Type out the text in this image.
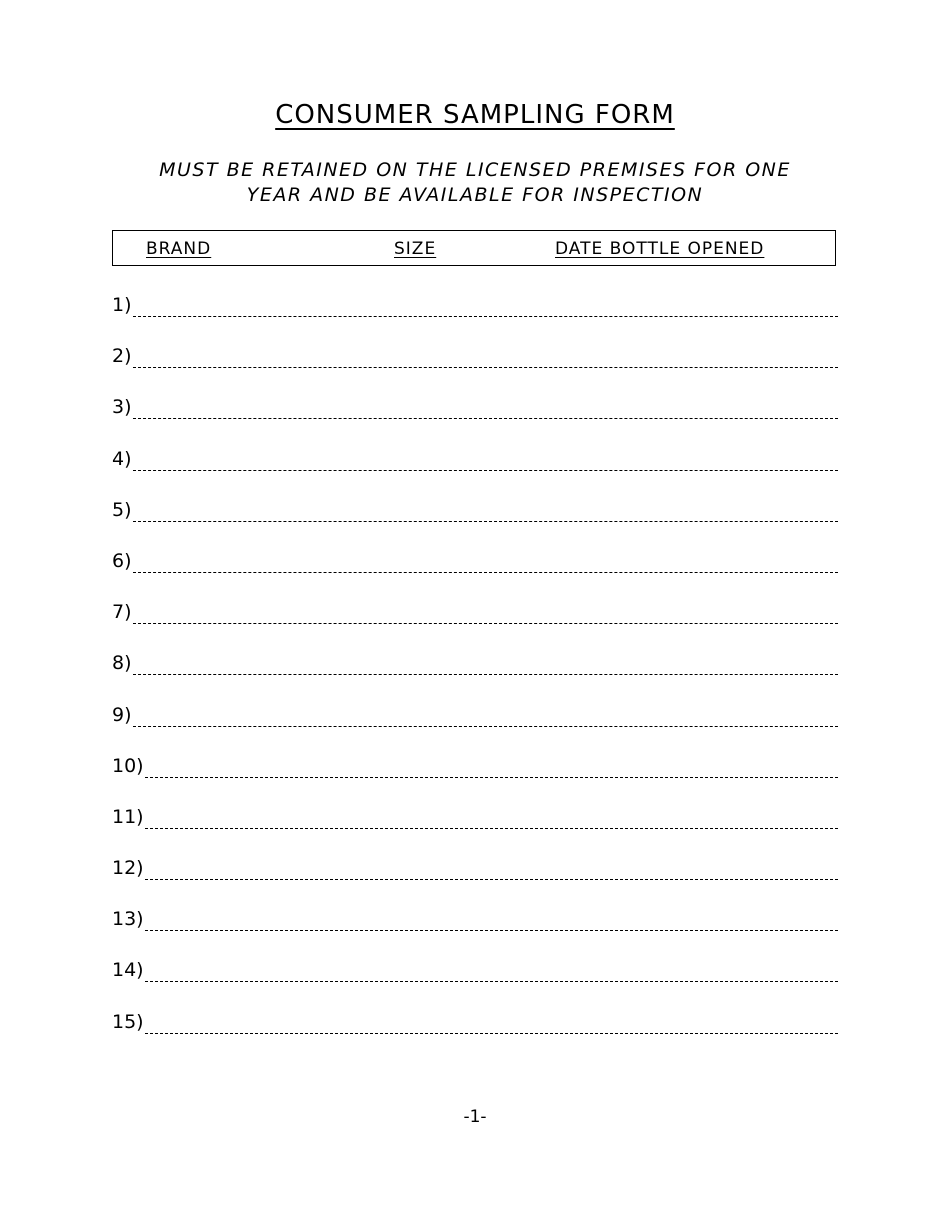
CONSUMER SAMPLING FORM
MUST BE RETAINED ON THE LICENSED PREMISES FOR ONE
YEAR AND BE AVAILABLE FOR INSPECTION
BRAND	SIZE	DATE BOTTLE OPENED
1)
2)
3)
4)
5)
6)
7)
8)
9)
10)
11)
12)
13)
14)
15)
-1-
